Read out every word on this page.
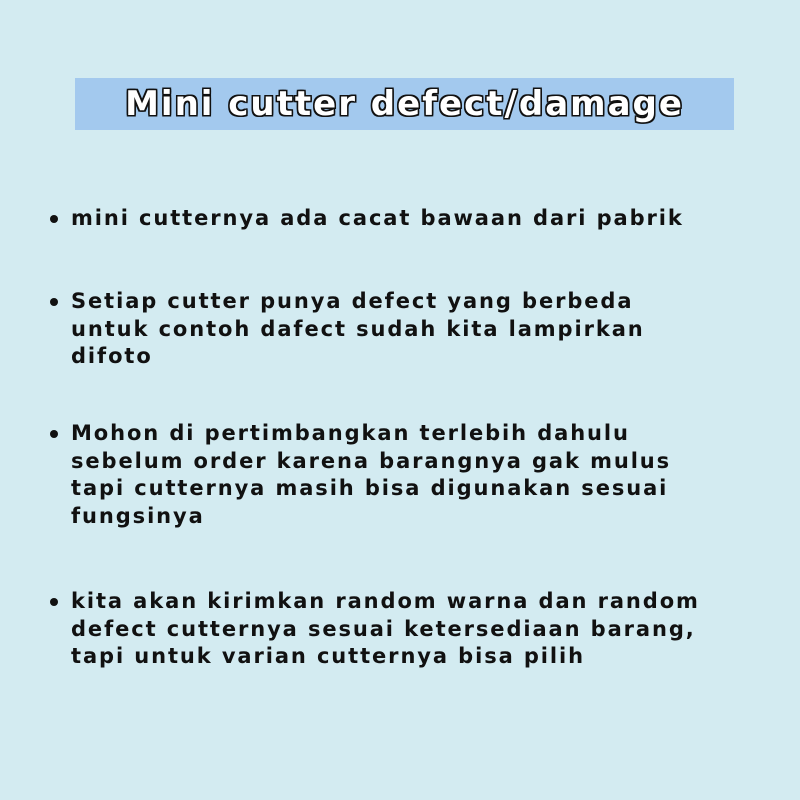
Mini cutter defect/damage
mini cutternya ada cacat bawaan dari pabrik
Setiap cutter punya defect yang berbeda
untuk contoh dafect sudah kita lampirkan
difoto
Mohon di pertimbangkan terlebih dahulu
sebelum order karena barangnya gak mulus
tapi cutternya masih bisa digunakan sesuai
fungsinya
kita akan kirimkan random warna dan random
defect cutternya sesuai ketersediaan barang,
tapi untuk varian cutternya bisa pilih
